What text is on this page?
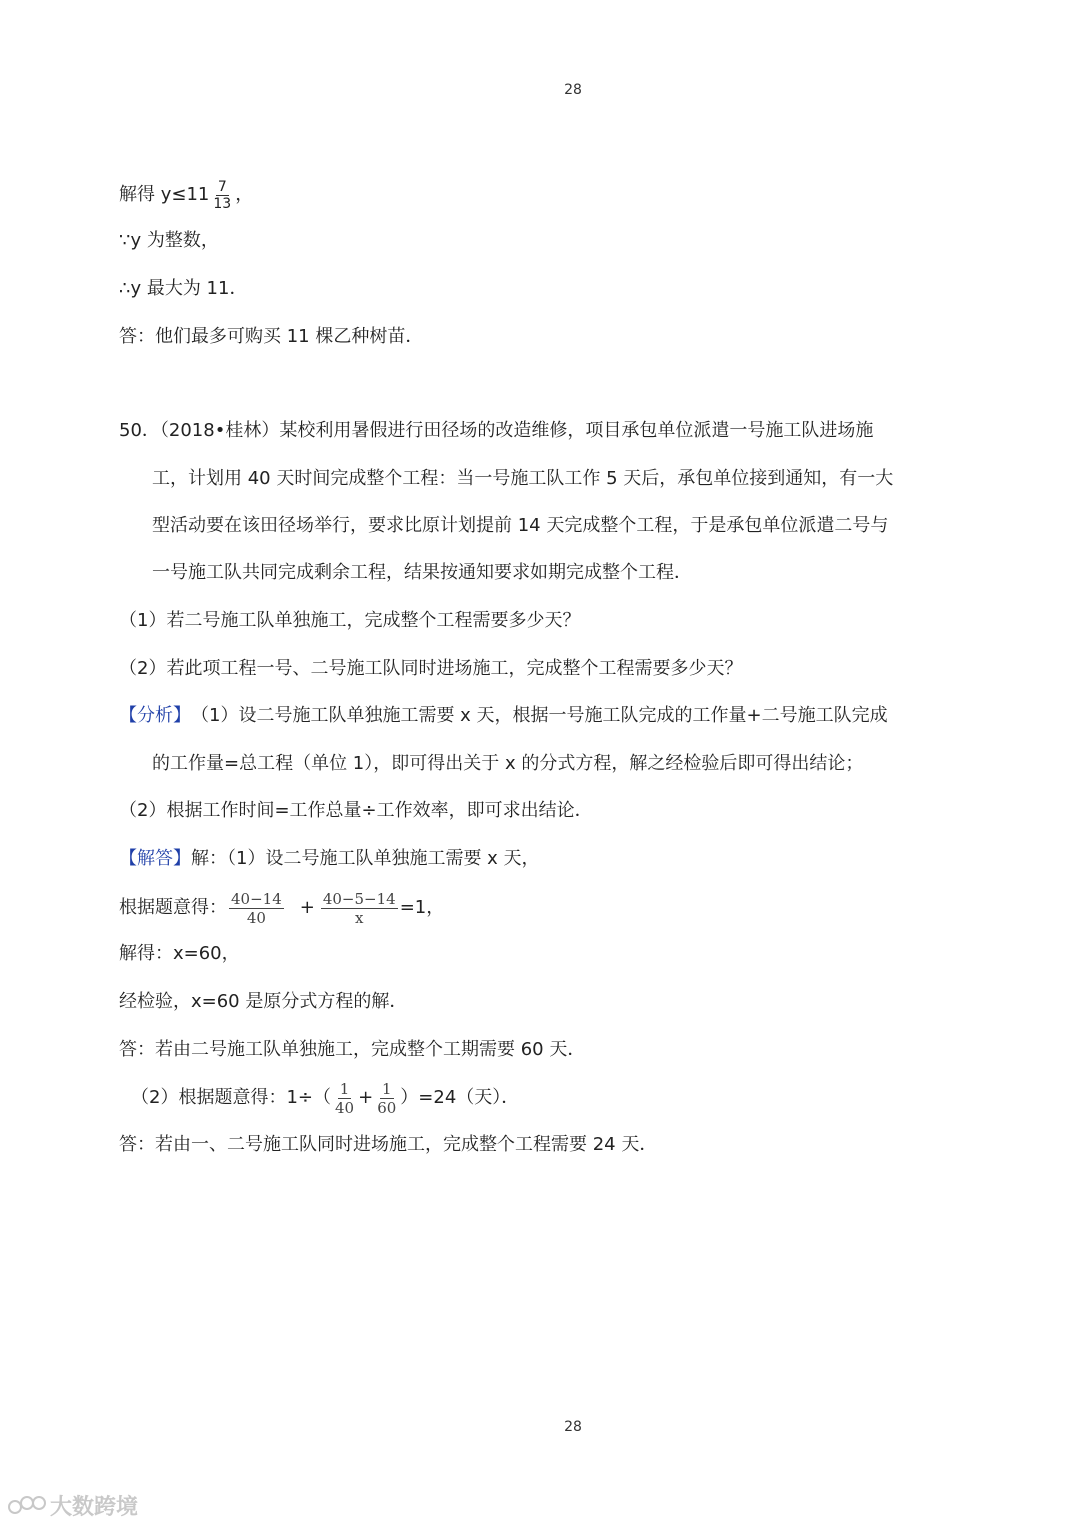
28
解得 $y\le 11 \frac{7}{13}$ ，
∵y 为整数，
∴y 最大为 11．
答：他们最多可购买 11 棵乙种树苗．
50．（2018•桂林）某校利用暑假进行田径场的改造维修，项目承包单位派遣一号施工队进场施
工，计划用 40 天时间完成整个工程：当一号施工队工作 5 天后，承包单位接到通知，有一大
型活动要在该田径场举行，要求比原计划提前 14 天完成整个工程，于是承包单位派遣二号与
一号施工队共同完成剩余工程，结果按通知要求如期完成整个工程．
（1）若二号施工队单独施工，完成整个工程需要多少天？
（2）若此项工程一号、二号施工队同时进场施工，完成整个工程需要多少天？
【分析】 （1）设二号施工队单独施工需要 x 天，根据一号施工队完成的工作量+二号施工队完成
的工作量=总工程（单位 1），即可得出关于 x 的分式方程，解之经检验后即可得出结论；
（2）根据工作时间=工作总量÷工作效率，即可求出结论．
【解答】 解：（1）设二号施工队单独施工需要 x 天，
根据题意得： $\frac{40-14}{40} + \frac{40-5-14}{x} =1$，
解得：x=60，
经检验，x=60 是原分式方程的解．
答：若由二号施工队单独施工，完成整个工期需要 60 天．
（2）根据题意得：$1\div( \frac{1}{40} + \frac{1}{60} )=24$（天）．
答：若由一、二号施工队同时进场施工，完成整个工程需要 24 天．
28
大数跨境
